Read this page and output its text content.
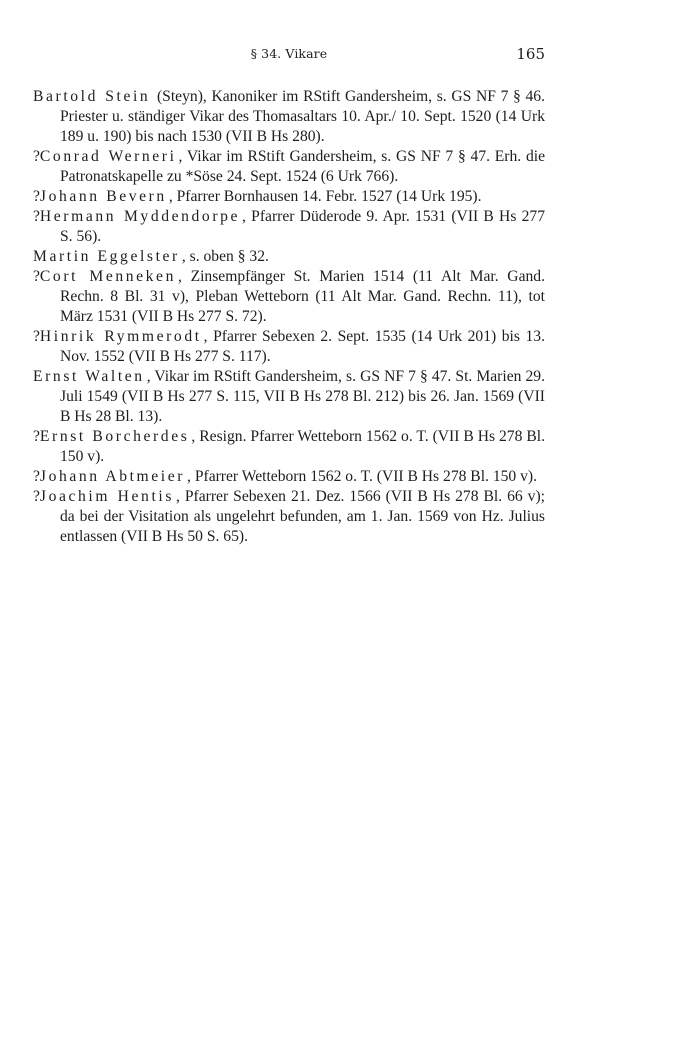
§ 34. Vikare	165

Bartold Stein (Steyn), Kanoniker im RStift Gandersheim, s. GS NF 7 § 46. Priester u. ständiger Vikar des Thomasaltars 10. Apr./ 10. Sept. 1520 (14 Urk 189 u. 190) bis nach 1530 (VII B Hs 280).

?Conrad Werneri , Vikar im RStift Gandersheim, s. GS NF 7 § 47. Erh. die Patronatskapelle zu *Söse 24. Sept. 1524 (6 Urk 766).

?Johann Bevern , Pfarrer Bornhausen 14. Febr. 1527 (14 Urk 195).

?Hermann Myddendorpe , Pfarrer Düderode 9. Apr. 1531 (VII B Hs 277 S. 56).

Martin Eggelster , s. oben § 32.

?Cort Menneken , Zinsempfänger St. Marien 1514 (11 Alt Mar. Gand. Rechn. 8 Bl. 31 v), Pleban Wetteborn (11 Alt Mar. Gand. Rechn. 11), tot März 1531 (VII B Hs 277 S. 72).

?Hinrik Rymmerodt , Pfarrer Sebexen 2. Sept. 1535 (14 Urk 201) bis 13. Nov. 1552 (VII B Hs 277 S. 117).

Ernst Walten , Vikar im RStift Gandersheim, s. GS NF 7 § 47. St. Marien 29. Juli 1549 (VII B Hs 277 S. 115, VII B Hs 278 Bl. 212) bis 26. Jan. 1569 (VII B Hs 28 Bl. 13).

?Ernst Borcherdes , Resign. Pfarrer Wetteborn 1562 o. T. (VII B Hs 278 Bl. 150 v).

?Johann Abtmeier , Pfarrer Wetteborn 1562 o. T. (VII B Hs 278 Bl. 150 v).

?Joachim Hentis , Pfarrer Sebexen 21. Dez. 1566 (VII B Hs 278 Bl. 66 v); da bei der Visitation als ungelehrt befunden, am 1. Jan. 1569 von Hz. Julius entlassen (VII B Hs 50 S. 65).
